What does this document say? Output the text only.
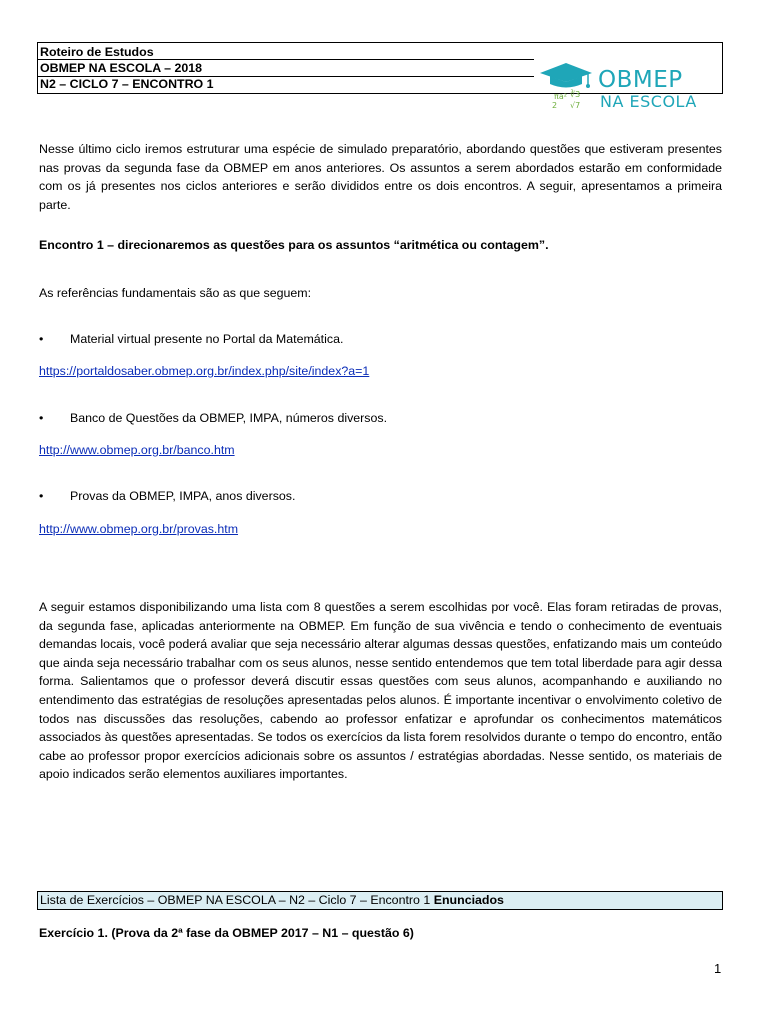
Roteiro de Estudos
OBMEP NA ESCOLA – 2018
N2 – CICLO 7 – ENCONTRO 1
πa² ∛3
2 √7
OBMEP
NA ESCOLA

Nesse último ciclo iremos estruturar uma espécie de simulado preparatório, abordando questões que estiveram presentes nas provas da segunda fase da OBMEP em anos anteriores. Os assuntos a serem abordados estarão em conformidade com os já presentes nos ciclos anteriores e serão divididos entre os dois encontros. A seguir, apresentamos a primeira parte.

Encontro 1 – direcionaremos as questões para os assuntos “aritmética ou contagem”.

As referências fundamentais são as que seguem:

• Material virtual presente no Portal da Matemática.
https://portaldosaber.obmep.org.br/index.php/site/index?a=1
• Banco de Questões da OBMEP, IMPA, números diversos.
http://www.obmep.org.br/banco.htm
• Provas da OBMEP, IMPA, anos diversos.
http://www.obmep.org.br/provas.htm

A seguir estamos disponibilizando uma lista com 8 questões a serem escolhidas por você. Elas foram retiradas de provas, da segunda fase, aplicadas anteriormente na OBMEP. Em função de sua vivência e tendo o conhecimento de eventuais demandas locais, você poderá avaliar que seja necessário alterar algumas dessas questões, enfatizando mais um conteúdo que ainda seja necessário trabalhar com os seus alunos, nesse sentido entendemos que tem total liberdade para agir dessa forma. Salientamos que o professor deverá discutir essas questões com seus alunos, acompanhando e auxiliando no entendimento das estratégias de resoluções apresentadas pelos alunos. É importante incentivar o envolvimento coletivo de todos nas discussões das resoluções, cabendo ao professor enfatizar e aprofundar os conhecimentos matemáticos associados às questões apresentadas. Se todos os exercícios da lista forem resolvidos durante o tempo do encontro, então cabe ao professor propor exercícios adicionais sobre os assuntos / estratégias abordadas. Nesse sentido, os materiais de apoio indicados serão elementos auxiliares importantes.

Lista de Exercícios – OBMEP NA ESCOLA – N2 – Ciclo 7 – Encontro 1 Enunciados

Exercício 1. (Prova da 2ª fase da OBMEP 2017 – N1 – questão 6)

1
